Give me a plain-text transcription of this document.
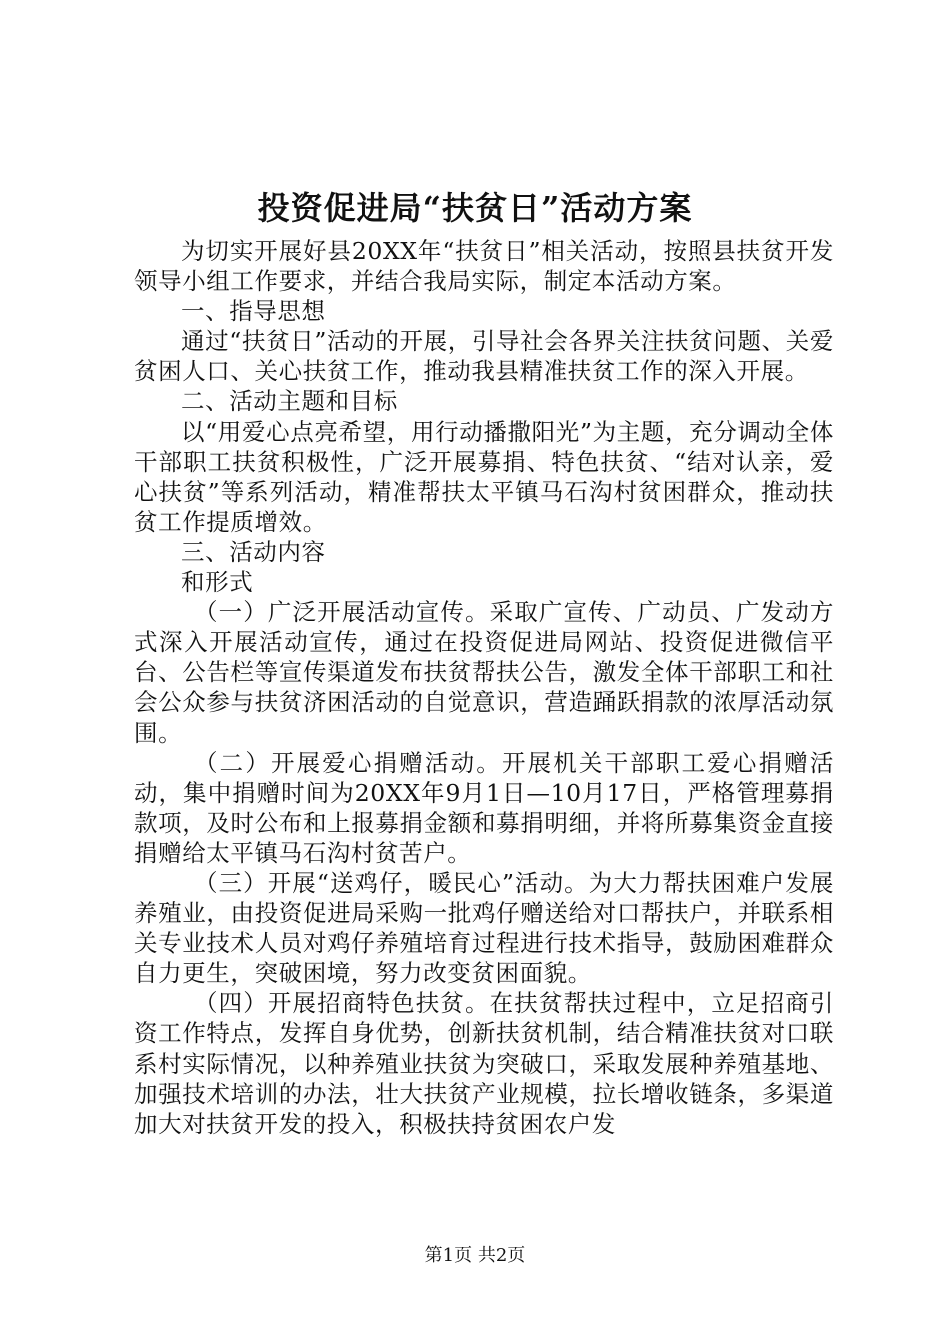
投资促进局“扶贫日”活动方案

为切实开展好县20XX年“扶贫日”相关活动，按照县扶贫开发领导小组工作要求，并结合我局实际，制定本活动方案。

一、指导思想

通过“扶贫日”活动的开展，引导社会各界关注扶贫问题、关爱贫困人口、关心扶贫工作，推动我县精准扶贫工作的深入开展。

二、活动主题和目标

以“用爱心点亮希望，用行动播撒阳光”为主题，充分调动全体干部职工扶贫积极性，广泛开展募捐、特色扶贫、“结对认亲，爱心扶贫”等系列活动，精准帮扶太平镇马石沟村贫困群众，推动扶贫工作提质增效。

三、活动内容

和形式

（一）广泛开展活动宣传。采取广宣传、广动员、广发动方式深入开展活动宣传，通过在投资促进局网站、投资促进微信平台、公告栏等宣传渠道发布扶贫帮扶公告，激发全体干部职工和社会公众参与扶贫济困活动的自觉意识，营造踊跃捐款的浓厚活动氛围。

（二）开展爱心捐赠活动。开展机关干部职工爱心捐赠活动，集中捐赠时间为20XX年9月1日—10月17日，严格管理募捐款项，及时公布和上报募捐金额和募捐明细，并将所募集资金直接捐赠给太平镇马石沟村贫苦户。

（三）开展“送鸡仔，暖民心”活动。为大力帮扶困难户发展养殖业，由投资促进局采购一批鸡仔赠送给对口帮扶户，并联系相关专业技术人员对鸡仔养殖培育过程进行技术指导，鼓励困难群众自力更生，突破困境，努力改变贫困面貌。

（四）开展招商特色扶贫。在扶贫帮扶过程中，立足招商引资工作特点，发挥自身优势，创新扶贫机制，结合精准扶贫对口联系村实际情况，以种养殖业扶贫为突破口，采取发展种养殖基地、加强技术培训的办法，壮大扶贫产业规模，拉长增收链条，多渠道加大对扶贫开发的投入，积极扶持贫困农户发

第1页 共2页
